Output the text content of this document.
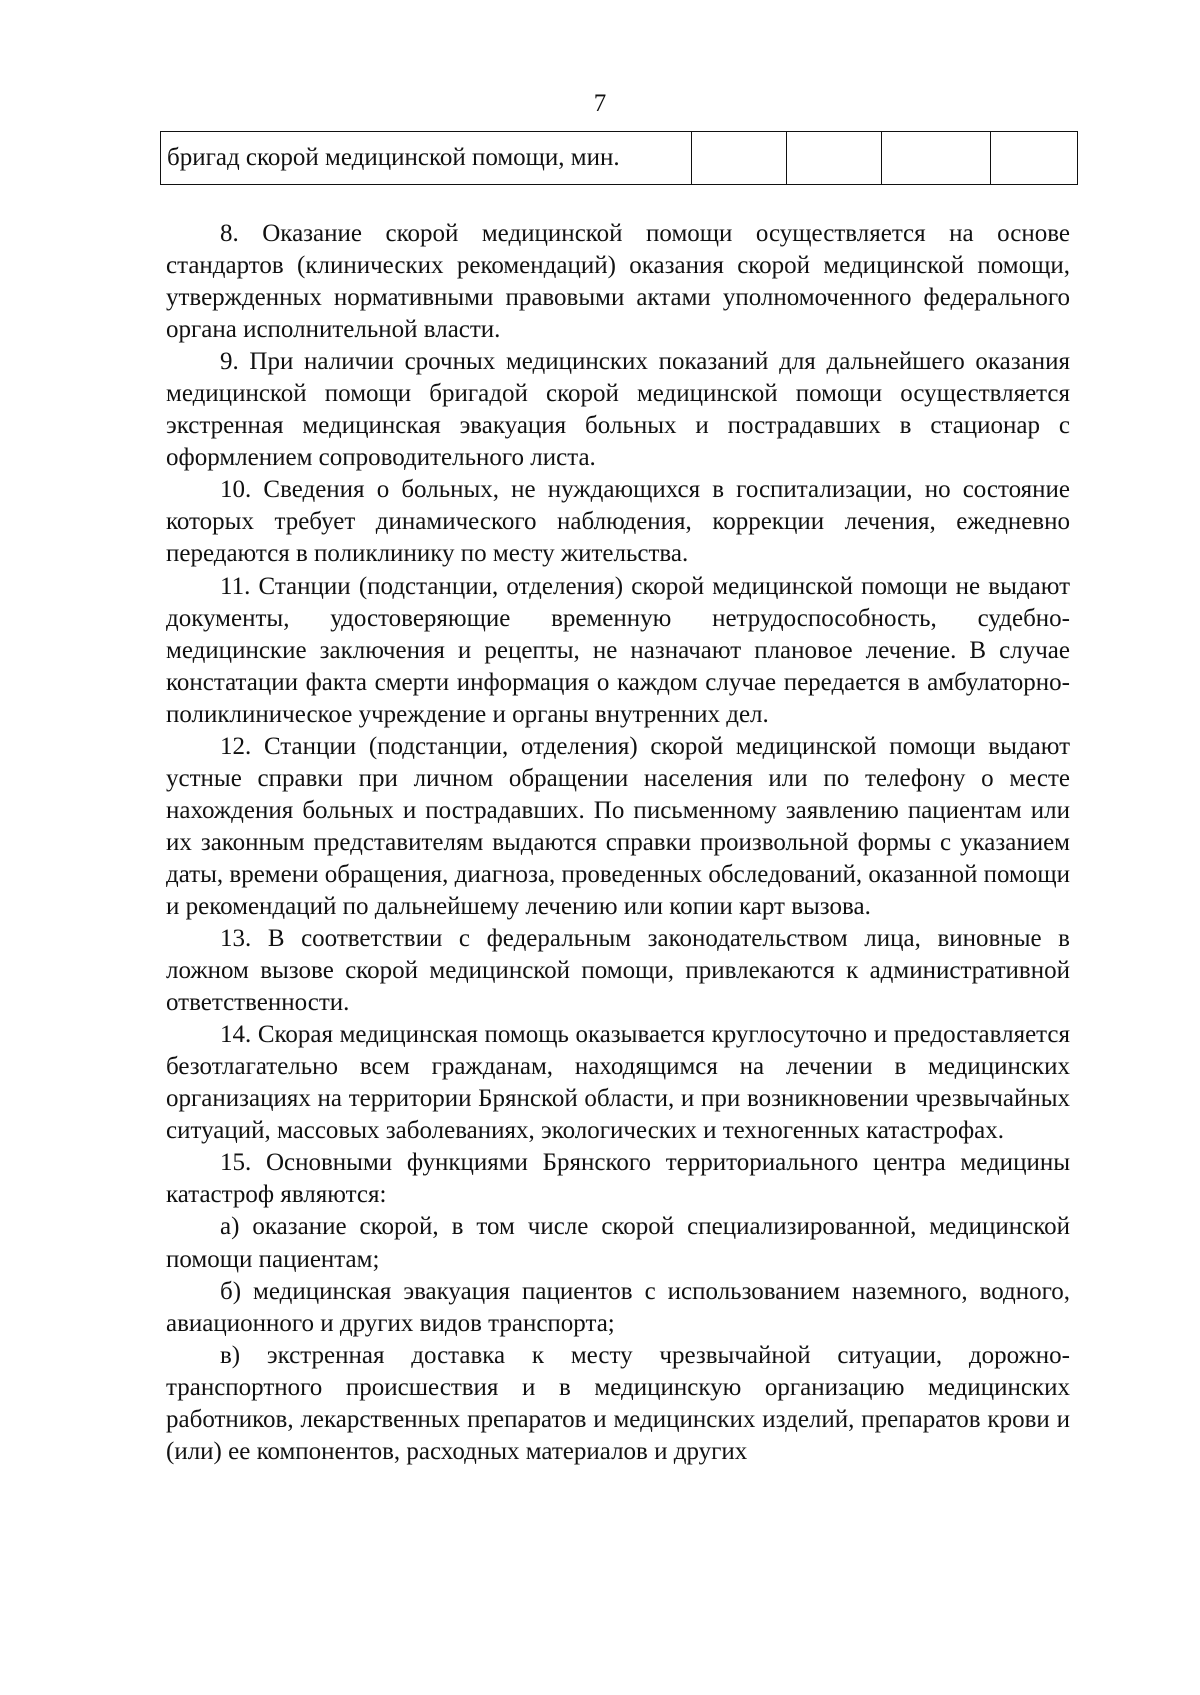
7
бригад скорой медицинской помощи, мин.				

8. Оказание скорой медицинской помощи осуществляется на основе стандартов (клинических рекомендаций) оказания скорой медицинской помощи, утвержденных нормативными правовыми актами уполномоченного федерального органа исполнительной власти.

9. При наличии срочных медицинских показаний для дальнейшего оказания медицинской помощи бригадой скорой медицинской помощи осуществляется экстренная медицинская эвакуация больных и пострадавших в стационар с оформлением сопроводительного листа.

10. Сведения о больных, не нуждающихся в госпитализации, но состояние которых требует динамического наблюдения, коррекции лечения, ежедневно передаются в поликлинику по месту жительства.

11. Станции (подстанции, отделения) скорой медицинской помощи не выдают документы, удостоверяющие временную нетрудоспособность, судебно-медицинские заключения и рецепты, не назначают плановое лечение. В случае констатации факта смерти информация о каждом случае передается в амбулаторно-поликлиническое учреждение и органы внутренних дел.

12. Станции (подстанции, отделения) скорой медицинской помощи выдают устные справки при личном обращении населения или по телефону о месте нахождения больных и пострадавших. По письменному заявлению пациентам или их законным представителям выдаются справки произвольной формы с указанием даты, времени обращения, диагноза, проведенных обследований, оказанной помощи и рекомендаций по дальнейшему лечению или копии карт вызова.

13. В соответствии с федеральным законодательством лица, виновные в ложном вызове скорой медицинской помощи, привлекаются к административной ответственности.

14. Скорая медицинская помощь оказывается круглосуточно и предоставляется безотлагательно всем гражданам, находящимся на лечении в медицинских организациях на территории Брянской области, и при возникновении чрезвычайных ситуаций, массовых заболеваниях, экологических и техногенных катастрофах.

15. Основными функциями Брянского территориального центра медицины катастроф являются:

а) оказание скорой, в том числе скорой специализированной, медицинской помощи пациентам;

б) медицинская эвакуация пациентов с использованием наземного, водного, авиационного и других видов транспорта;

в) экстренная доставка к месту чрезвычайной ситуации, дорожно-транспортного происшествия и в медицинскую организацию медицинских работников, лекарственных препаратов и медицинских изделий, препаратов крови и (или) ее компонентов, расходных материалов и других
